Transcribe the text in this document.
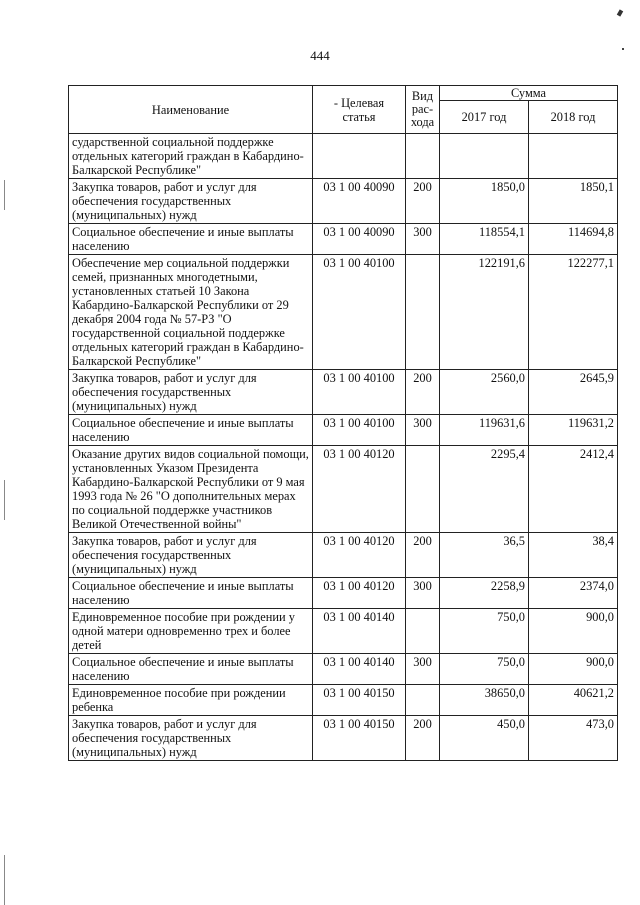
444
Наименование	- Целевая статья	Вид рас-хода	Сумма	
			2017 год	2018 год
сударственной социальной поддержке отдельных категорий граждан в Кабардино-Балкарской Республике"				
Закупка товаров, работ и услуг для обеспечения государственных (муниципальных) нужд	03 1 00 40090	200	1850,0	1850,1
Социальное обеспечение и иные выплаты населению	03 1 00 40090	300	118554,1	114694,8
Обеспечение мер социальной поддержки семей, признанных многодетными, установленных статьей 10 Закона Кабардино-Балкарской Республики от 29 декабря 2004 года № 57-РЗ "О государственной социальной поддержке отдельных категорий граждан в Кабардино-Балкарской Республике"	03 1 00 40100		122191,6	122277,1
Закупка товаров, работ и услуг для обеспечения государственных (муниципальных) нужд	03 1 00 40100	200	2560,0	2645,9
Социальное обеспечение и иные выплаты населению	03 1 00 40100	300	119631,6	119631,2
Оказание других видов социальной помощи, установленных Указом Президента Кабардино-Балкарской Республики от 9 мая 1993 года № 26 "О дополнительных мерах по социальной поддержке участников Великой Отечественной войны"	03 1 00 40120		2295,4	2412,4
Закупка товаров, работ и услуг для обеспечения государственных (муниципальных) нужд	03 1 00 40120	200	36,5	38,4
Социальное обеспечение и иные выплаты населению	03 1 00 40120	300	2258,9	2374,0
Единовременное пособие при рождении у одной матери одновременно трех и более детей	03 1 00 40140		750,0	900,0
Социальное обеспечение и иные выплаты населению	03 1 00 40140	300	750,0	900,0
Единовременное пособие при рождении ребенка	03 1 00 40150		38650,0	40621,2
Закупка товаров, работ и услуг для обеспечения государственных (муниципальных) нужд	03 1 00 40150	200	450,0	473,0
